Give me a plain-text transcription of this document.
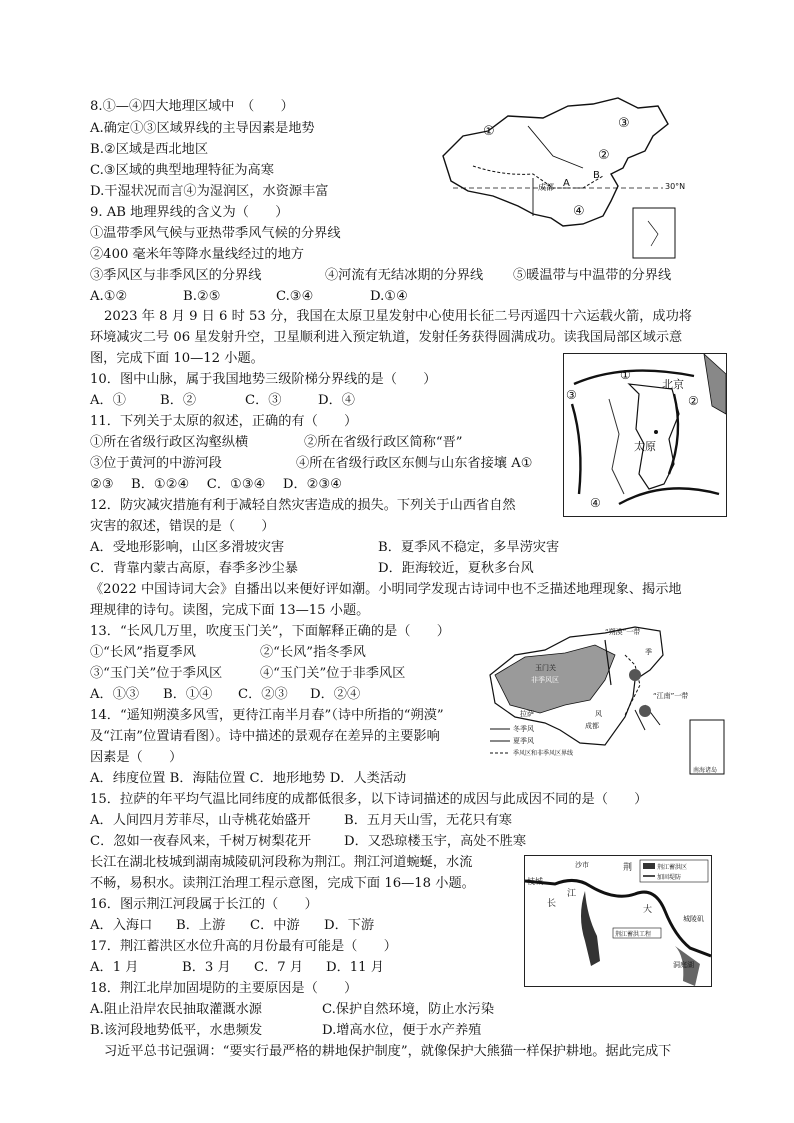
①
②
③
④
A
B
成都	30°N
①
②
③
④
北京
太原
“朔漠”一带
玉门关
非季风区
拉萨
成都
“江南”一带
风
季
冬季风
夏季风
季风区和非季风区界线
南海诸岛
沙市
枝城
长
江
荆
大
城陵矶
洞庭湖
荆江蓄洪区
加固堤防
荆江蓄洪工程
8.①—④四大地理区域中　（　　）
A.确定①③区域界线的主导因素是地势
B.②区域是西北地区
C.③区域的典型地理特征为高寒
D.干湿状况而言④为湿润区，水资源丰富
9. AB 地理界线的含义为（　　）
①温带季风气候与亚热带季风气候的分界线
②400 毫米年等降水量线经过的地方
③季风区与非季风区的分界线	④河流有无结冰期的分界线 ⑤暖温带与中温带的分界线
A.①②	B.②⑤	C.③④	D.①④
2023 年 8 月 9 日 6 时 53 分，我国在太原卫星发射中心使用长征二号丙遥四十六运载火箭，成功将
环境减灾二号 06 星发射升空，卫星顺利进入预定轨道，发射任务获得圆满成功。读我国局部区域示意
图，完成下面 10—12 小题。
10．图中山脉，属于我国地势三级阶梯分界线的是（　　）
A．①	B．②	C．③	D．④
11．下列关于太原的叙述，正确的有（　　）
①所在省级行政区沟壑纵横	②所在省级行政区简称“晋”
③位于黄河的中游河段	④所在省级行政区东侧与山东省接壤 A①
②③　 B．①②④　 C．①③④　 D．②③④
12．防灾减灾措施有利于减轻自然灾害造成的损失。下列关于山西省自然
灾害的叙述，错误的是（　　）
A．受地形影响，山区多滑坡灾害	B．夏季风不稳定，多旱涝灾害
C．背靠内蒙古高原，春季多沙尘暴	D．距海较近，夏秋多台风
《2022 中国诗词大会》自播出以来便好评如潮。小明同学发现古诗词中也不乏描述地理现象、揭示地
理规律的诗句。读图，完成下面 13—15 小题。
13．“长风几万里，吹度玉门关”，下面解释正确的是（　　）
①“长风”指夏季风	②“长风”指冬季风
③“玉门关”位于季风区	④“玉门关”位于非季风区
A．①③ B．①④ C．②③ D．②④
14．“遥知朔漠多风雪，更待江南半月春”（诗中所指的“朔漠”
及“江南”位置请看图）。诗中描述的景观存在差异的主要影响
因素是（　　）
A．纬度位置 B．海陆位置 C．地形地势 D．人类活动
15．拉萨的年平均气温比同纬度的成都低很多，以下诗词描述的成因与此成因不同的是（　　）
A．人间四月芳菲尽，山寺桃花始盛开	B．五月天山雪，无花只有寒
C．忽如一夜春风来，千树万树梨花开 D．又恐琼楼玉宇，高处不胜寒
长江在湖北枝城到湖南城陵矶河段称为荆江。荆江河道蜿蜒，水流
不畅，易积水。读荆江治理工程示意图，完成下面 16—18 小题。
16．图示荆江河段属于长江的（　　）
A．入海口 B．上游 C．中游 D．下游
17．荆江蓄洪区水位升高的月份最有可能是（　　）
A．1 月	B．3 月 C．7 月 D．11 月
18．荆江北岸加固堤防的主要原因是（　　）
A.阻止沿岸农民抽取灌溉水源	C.保护自然环境，防止水污染
B.该河段地势低平，水患频发	D.增高水位，便于水产养殖
习近平总书记强调：“要实行最严格的耕地保护制度”，就像保护大熊猫一样保护耕地。据此完成下
